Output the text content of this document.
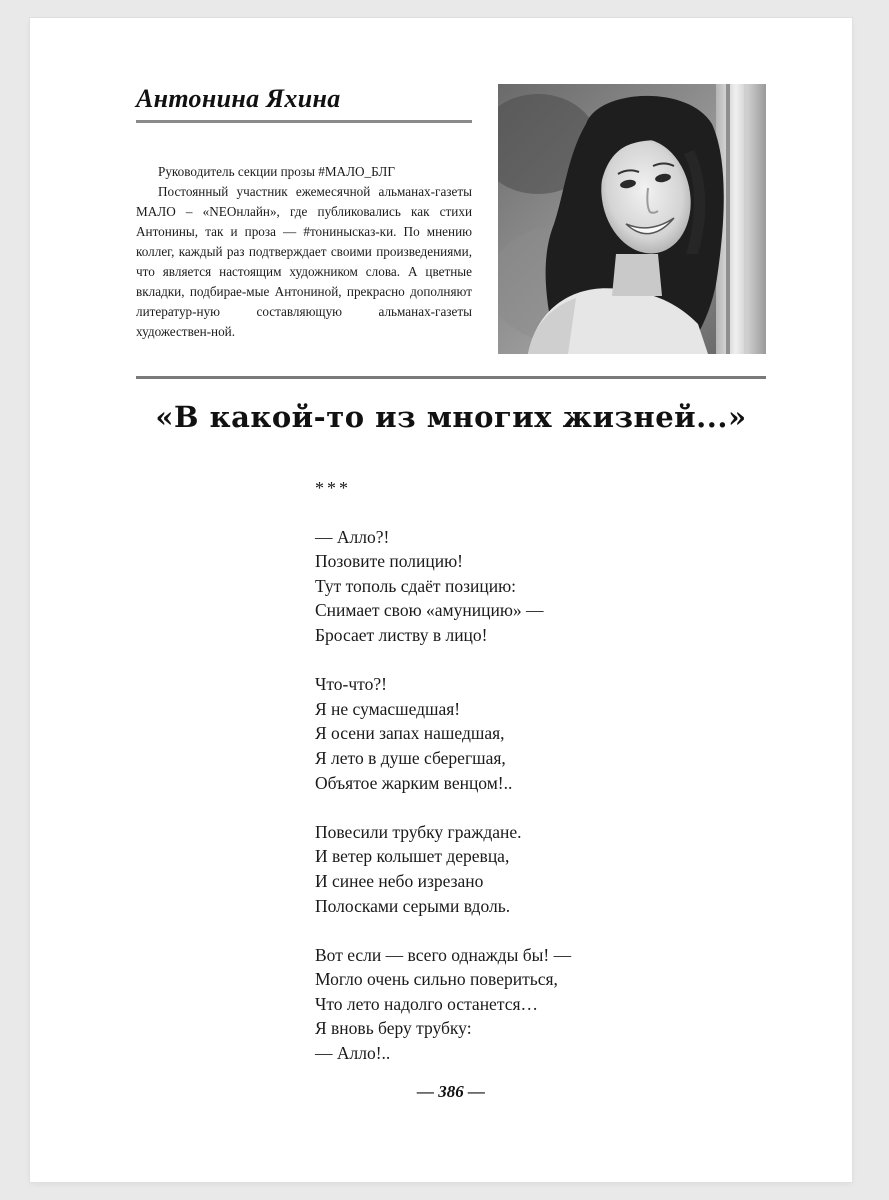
Антонина Яхина

Руководитель секции прозы #МАЛО_БЛГ

Постоянный участник ежемесячной альманах-газеты МАЛО – «NEOнлайн», где публиковались как стихи Антонины, так и проза — #тонинысказ-ки. По мнению коллег, каждый раз подтверждает своими произведениями, что является настоящим художником слова. А цветные вкладки, подбирае-мые Антониной, прекрасно дополняют литератур-ную составляющую альманах-газеты художествен-ной.

«В какой-то из многих жизней...»
***
— Алло?!
Позовите полицию!
Тут тополь сдаёт позицию:
Снимает свою «амуницию» —
Бросает листву в лицо!
Что-что?!
Я не сумасшедшая!
Я осени запах нашедшая,
Я лето в душе сберегшая,
Объятое жарким венцом!..
Повесили трубку граждане.
И ветер колышет деревца,
И синее небо изрезано
Полосками серыми вдоль.
Вот если — всего однажды бы! —
Могло очень сильно повериться,
Что лето надолго останется…
Я вновь беру трубку:
— Алло!..
— 386 —
